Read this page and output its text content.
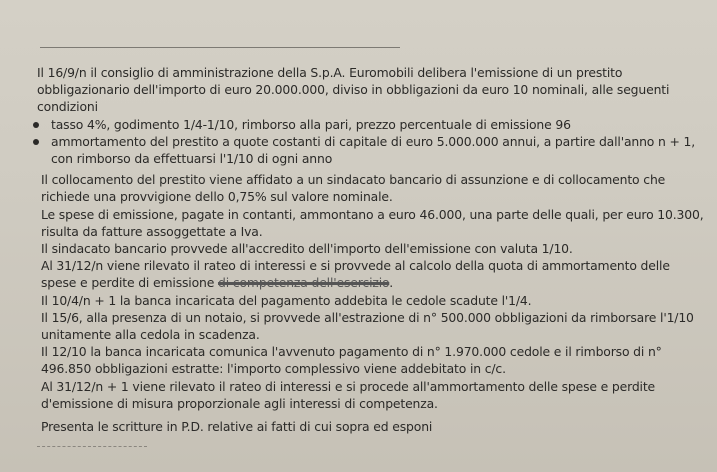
Il 16/9/n il consiglio di amministrazione della S.p.A. Euromobili delibera l'emissione di un prestito obbligazionario dell'importo di euro 20.000.000, diviso in obbligazioni da euro 10 nominali, alle seguenti condizioni

tasso 4%, godimento 1/4-1/10, rimborso alla pari, prezzo percentuale di emissione 96
ammortamento del prestito a quote costanti di capitale di euro 5.000.000 annui, a partire dall'anno n + 1, con rimborso da effettuarsi l'1/10 di ogni anno

Il collocamento del prestito viene affidato a un sindacato bancario di assunzione e di collocamento che richiede una provvigione dello 0,75% sul valore nominale.

Le spese di emissione, pagate in contanti, ammontano a euro 46.000, una parte delle quali, per euro 10.300, risulta da fatture assoggettate a Iva.

Il sindacato bancario provvede all'accredito dell'importo dell'emissione con valuta 1/10.

Al 31/12/n viene rilevato il rateo di interessi e si provvede al calcolo della quota di ammortamento delle spese e perdite di emissione di competenza dell'esercizio.

Il 10/4/n + 1 la banca incaricata del pagamento addebita le cedole scadute l'1/4.

Il 15/6, alla presenza di un notaio, si provvede all'estrazione di n° 500.000 obbligazioni da rimborsare l'1/10 unitamente alla cedola in scadenza.

Il 12/10 la banca incaricata comunica l'avvenuto pagamento di n° 1.970.000 cedole e il rimborso di n° 496.850 obbligazioni estratte: l'importo complessivo viene addebitato in c/c.

Al 31/12/n + 1 viene rilevato il rateo di interessi e si procede all'ammortamento delle spese e perdite d'emissione di misura proporzionale agli interessi di competenza.

Presenta le scritture in P.D. relative ai fatti di cui sopra ed esponi
